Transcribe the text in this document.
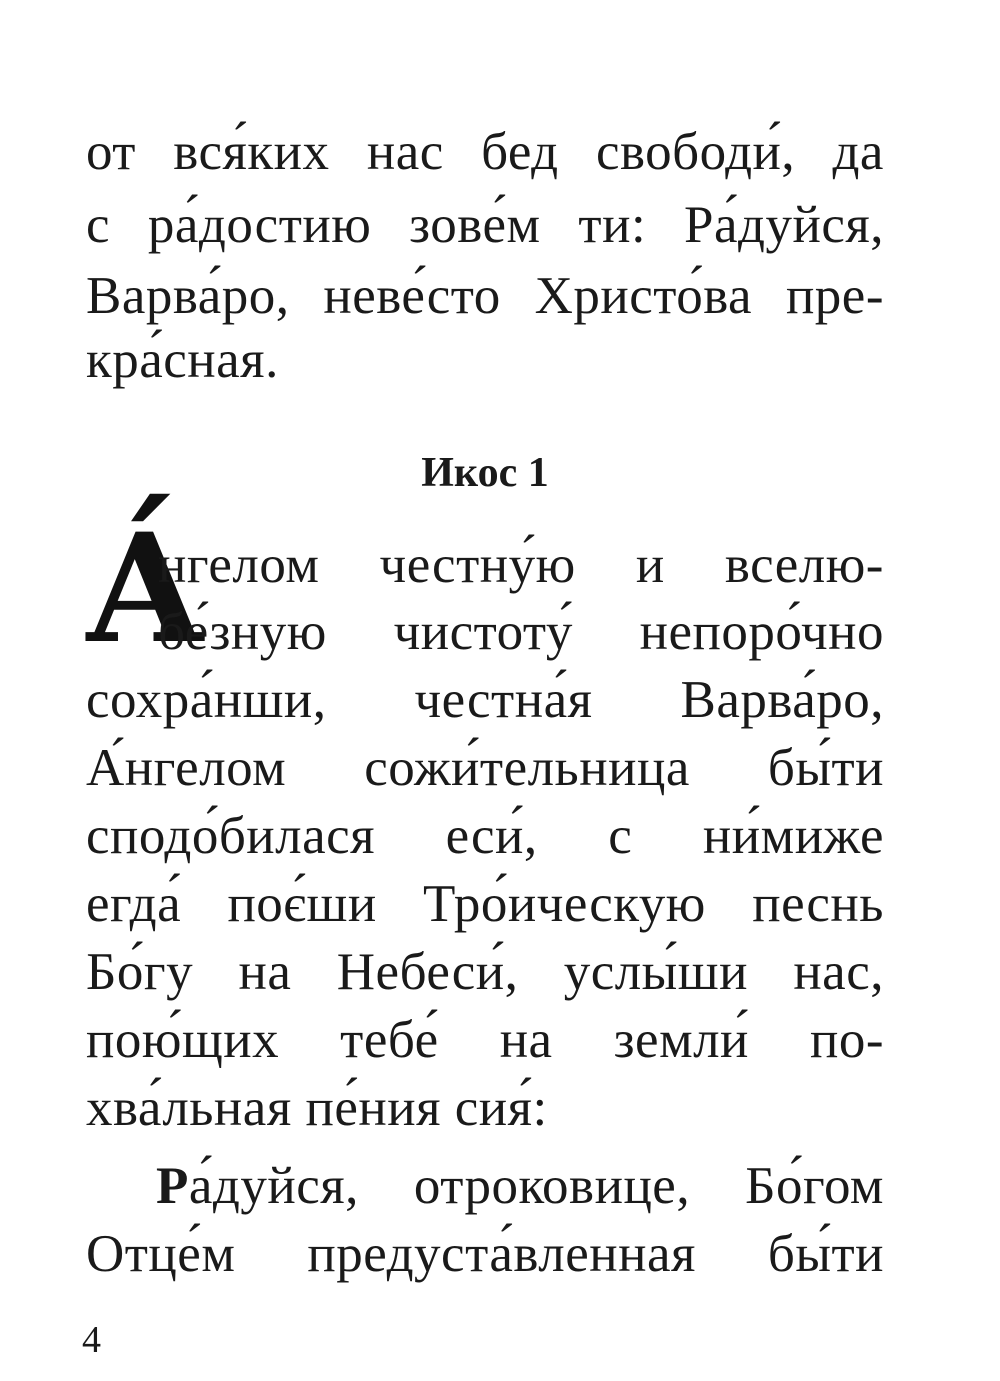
от вся́ких нас бед свободи́, да
с ра́достию зове́м ти: Ра́дуйся,
Варва́ро, неве́сто Христо́ва пре-
кра́сная.
Икос 1
А́
нгелом честну́ю и вселю-
бе́зную чистоту́ непоро́чно
сохра́нши, честна́я Варва́ро,
А́нгелом сожи́тельница бы́ти
сподо́билася еси́, с ни́миже
егда́ поє́ши Тро́ическую песнь
Бо́гу на Небеси́, услы́ши нас,
пою́щих тебе́ на земли́ по-
хва́льная пе́ния сия́:
Ра́дуйся, отроковице, Бо́гом
Отце́м предуста́вленная бы́ти
4
